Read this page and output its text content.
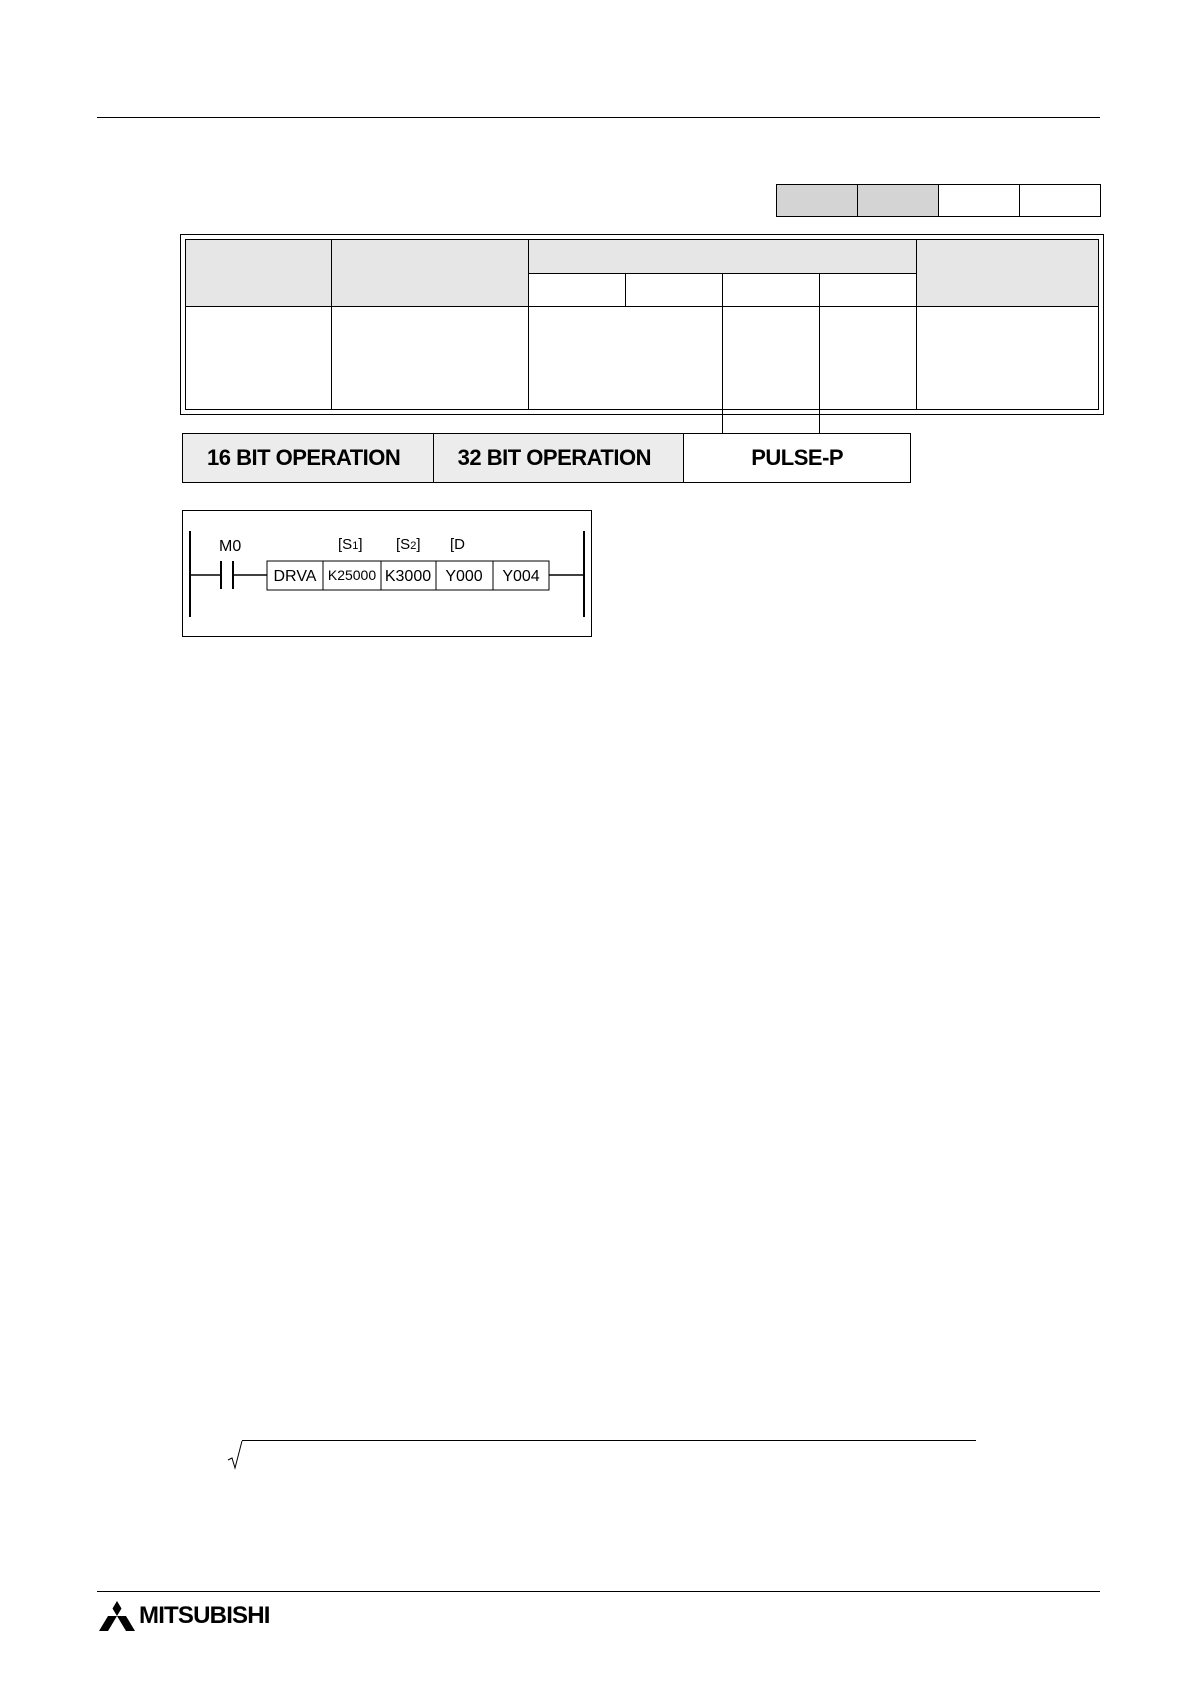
16 BIT OPERATION	32 BIT OPERATION	PULSE-P
M0	[S1] [S2] [D
DRVA K25000 K3000 Y000 Y004
MITSUBISHI
